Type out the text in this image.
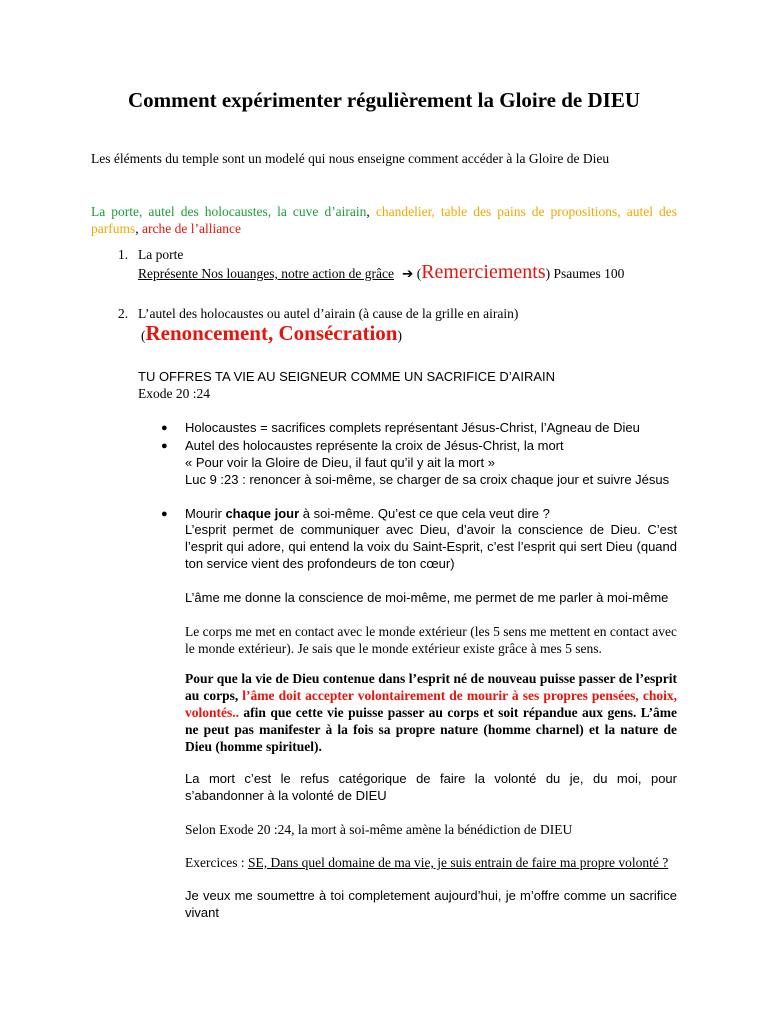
Comment expérimenter régulièrement la Gloire de DIEU

Les éléments du temple sont un modelé qui nous enseigne comment accéder à la Gloire de Dieu

La porte, autel des holocaustes, la cuve d’airain, chandelier, table des pains de propositions, autel des parfums, arche de l’alliance

1. La porte

Représente Nos louanges, notre action de grâce ➔ (Remerciements) Psaumes 100

2. L’autel des holocaustes ou autel d’airain (à cause de la grille en airain)

(Renoncement, Consécration)

TU OFFRES TA VIE AU SEIGNEUR COMME UN SACRIFICE D’AIRAIN

Exode 20 :24

● Holocaustes = sacrifices complets représentant Jésus-Christ, l’Agneau de Dieu

● Autel des holocaustes représente la croix de Jésus-Christ, la mort

« Pour voir la Gloire de Dieu, il faut qu’il y ait la mort »

Luc 9 :23 : renoncer à soi-même, se charger de sa croix chaque jour et suivre Jésus

● Mourir chaque jour à soi-même. Qu’est ce que cela veut dire ?

L’esprit permet de communiquer avec Dieu, d’avoir la conscience de Dieu. C’est l’esprit qui adore, qui entend la voix du Saint-Esprit, c’est l’esprit qui sert Dieu (quand ton service vient des profondeurs de ton cœur)

L’âme me donne la conscience de moi-même, me permet de me parler à moi-même

Le corps me met en contact avec le monde extérieur (les 5 sens me mettent en contact avec le monde extérieur). Je sais que le monde extérieur existe grâce à mes 5 sens.

Pour que la vie de Dieu contenue dans l’esprit né de nouveau puisse passer de l’esprit au corps, l’âme doit accepter volontairement de mourir à ses propres pensées, choix, volontés.. afin que cette vie puisse passer au corps et soit répandue aux gens. L’âme ne peut pas manifester à la fois sa propre nature (homme charnel) et la nature de Dieu (homme spirituel).

La mort c’est le refus catégorique de faire la volonté du je, du moi, pour s’abandonner à la volonté de DIEU

Selon Exode 20 :24, la mort à soi-même amène la bénédiction de DIEU

Exercices : SE, Dans quel domaine de ma vie, je suis entrain de faire ma propre volonté ?

Je veux me soumettre à toi completement aujourd’hui, je m’offre comme un sacrifice vivant
